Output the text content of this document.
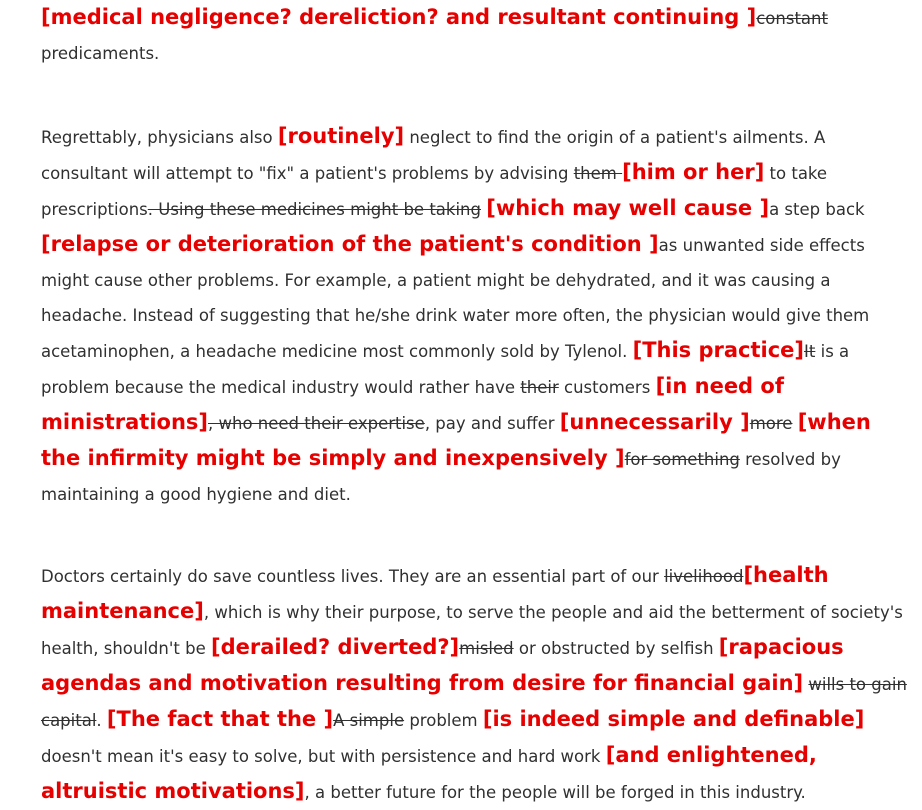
[medical negligence? dereliction? and resultant continuing ]constant predicaments.

Regrettably, physicians also [routinely] neglect to find the origin of a patient's ailments. A consultant will attempt to "fix" a patient's problems by advising them [him or her] to take prescriptions. Using these medicines might be taking [which may well cause ]a step back [relapse or deterioration of the patient's condition ]as unwanted side effects might cause other problems. For example, a patient might be dehydrated, and it was causing a headache. Instead of suggesting that he/she drink water more often, the physician would give them acetaminophen, a headache medicine most commonly sold by Tylenol. [This practice]It is a problem because the medical industry would rather have their customers [in need of ministrations], who need their expertise, pay and suffer [unnecessarily ]more [when the infirmity might be simply and inexpensively ]for something resolved by maintaining a good hygiene and diet.

Doctors certainly do save countless lives. They are an essential part of our livelihood[health maintenance], which is why their purpose, to serve the people and aid the betterment of society's health, shouldn't be [derailed? diverted?]misled or obstructed by selfish [rapacious agendas and motivation resulting from desire for financial gain] wills to gain capital. [The fact that the ]A simple problem [is indeed simple and definable] doesn't mean it's easy to solve, but with persistence and hard work [and enlightened, altruistic motivations], a better future for the people will be forged in this industry.
